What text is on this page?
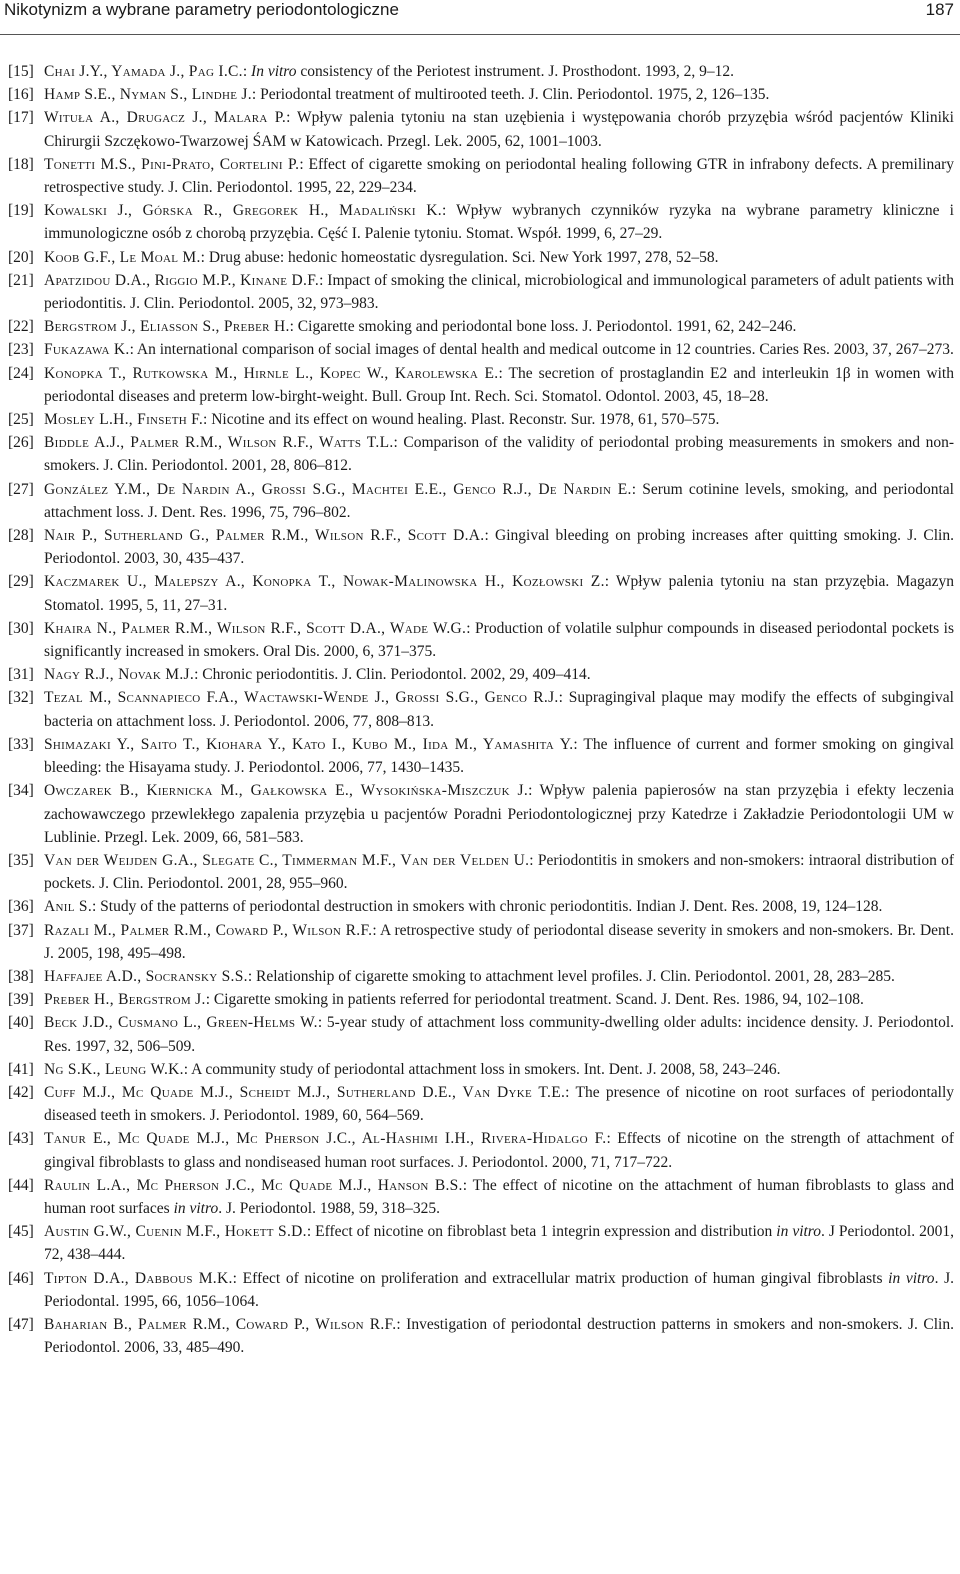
Nikotynizm a wybrane parametry periodontologiczne	187
[15] Chai J.Y., Yamada J., Pag I.C.: In vitro consistency of the Periotest instrument. J. Prosthodont. 1993, 2, 9–12.
[16] Hamp S.E., Nyman S., Lindhe J.: Periodontal treatment of multirooted teeth. J. Clin. Periodontol. 1975, 2, 126–135.
[17] Wituła A., Drugacz J., Malara P.: Wpływ palenia tytoniu na stan uzębienia i występowania chorób przyzębia wśród pacjentów Kliniki Chirurgii Szczękowo-Twarzowej ŚAM w Katowicach. Przegl. Lek. 2005, 62, 1001–1003.
[18] Tonetti M.S., Pini-Prato, Cortelini P.: Effect of cigarette smoking on periodontal healing following GTR in infrabony defects. A premilinary retrospective study. J. Clin. Periodontol. 1995, 22, 229–234.
[19] Kowalski J., Górska R., Gregorek H., Madaliński K.: Wpływ wybranych czynników ryzyka na wybrane parametry kliniczne i immunologiczne osób z chorobą przyzębia. Cęść I. Palenie tytoniu. Stomat. Współ. 1999, 6, 27–29.
[20] Koob G.F., Le Moal M.: Drug abuse: hedonic homeostatic dysregulation. Sci. New York 1997, 278, 52–58.
[21] Apatzidou D.A., Riggio M.P., Kinane D.F.: Impact of smoking the clinical, microbiological and immunological parameters of adult patients with periodontitis. J. Clin. Periodontol. 2005, 32, 973–983.
[22] Bergstrom J., Eliasson S., Preber H.: Cigarette smoking and periodontal bone loss. J. Periodontol. 1991, 62, 242–246.
[23] Fukazawa K.: An international comparison of social images of dental health and medical outcome in 12 countries. Caries Res. 2003, 37, 267–273.
[24] Konopka T., Rutkowska M., Hirnle L., Kopec W., Karolewska E.: The secretion of prostaglandin E2 and interleukin 1β in women with periodontal diseases and preterm low-birght-weight. Bull. Group Int. Rech. Sci. Stomatol. Odontol. 2003, 45, 18–28.
[25] Mosley L.H., Finseth F.: Nicotine and its effect on wound healing. Plast. Reconstr. Sur. 1978, 61, 570–575.
[26] Biddle A.J., Palmer R.M., Wilson R.F., Watts T.L.: Comparison of the validity of periodontal probing measurements in smokers and non-smokers. J. Clin. Periodontol. 2001, 28, 806–812.
[27] González Y.M., De Nardin A., Grossi S.G., Machtei E.E., Genco R.J., De Nardin E.: Serum cotinine levels, smoking, and periodontal attachment loss. J. Dent. Res. 1996, 75, 796–802.
[28] Nair P., Sutherland G., Palmer R.M., Wilson R.F., Scott D.A.: Gingival bleeding on probing increases after quitting smoking. J. Clin. Periodontol. 2003, 30, 435–437.
[29] Kaczmarek U., Malepszy A., Konopka T., Nowak-Malinowska H., Kozłowski Z.: Wpływ palenia tytoniu na stan przyzębia. Magazyn Stomatol. 1995, 5, 11, 27–31.
[30] Khaira N., Palmer R.M., Wilson R.F., Scott D.A., Wade W.G.: Production of volatile sulphur compounds in diseased periodontal pockets is significantly increased in smokers. Oral Dis. 2000, 6, 371–375.
[31] Nagy R.J., Novak M.J.: Chronic periodontitis. J. Clin. Periodontol. 2002, 29, 409–414.
[32] Tezal M., Scannapieco F.A., Wactawski-Wende J., Grossi S.G., Genco R.J.: Supragingival plaque may modify the effects of subgingival bacteria on attachment loss. J. Periodontol. 2006, 77, 808–813.
[33] Shimazaki Y., Saito T., Kiohara Y., Kato I., Kubo M., Iida M., Yamashita Y.: The influence of current and former smoking on gingival bleeding: the Hisayama study. J. Periodontol. 2006, 77, 1430–1435.
[34] Owczarek B., Kiernicka M., Gałkowska E., Wysokińska-Miszczuk J.: Wpływ palenia papierosów na stan przyzębia i efekty leczenia zachowawczego przewlekłego zapalenia przyzębia u pacjentów Poradni Periodontologicznej przy Katedrze i Zakładzie Periodontologii UM w Lublinie. Przegl. Lek. 2009, 66, 581–583.
[35] Van der Weijden G.A., Slegate C., Timmerman M.F., Van der Velden U.: Periodontitis in smokers and non-smokers: intraoral distribution of pockets. J. Clin. Periodontol. 2001, 28, 955–960.
[36] Anil S.: Study of the patterns of periodontal destruction in smokers with chronic periodontitis. Indian J. Dent. Res. 2008, 19, 124–128.
[37] Razali M., Palmer R.M., Coward P., Wilson R.F.: A retrospective study of periodontal disease severity in smokers and non-smokers. Br. Dent. J. 2005, 198, 495–498.
[38] Haffajee A.D., Socransky S.S.: Relationship of cigarette smoking to attachment level profiles. J. Clin. Periodontol. 2001, 28, 283–285.
[39] Preber H., Bergstrom J.: Cigarette smoking in patients referred for periodontal treatment. Scand. J. Dent. Res. 1986, 94, 102–108.
[40] Beck J.D., Cusmano L., Green-Helms W.: 5-year study of attachment loss community-dwelling older adults: incidence density. J. Periodontol. Res. 1997, 32, 506–509.
[41] Ng S.K., Leung W.K.: A community study of periodontal attachment loss in smokers. Int. Dent. J. 2008, 58, 243–246.
[42] Cuff M.J., Mc Quade M.J., Scheidt M.J., Sutherland D.E., Van Dyke T.E.: The presence of nicotine on root surfaces of periodontally diseased teeth in smokers. J. Periodontol. 1989, 60, 564–569.
[43] Tanur E., Mc Quade M.J., Mc Pherson J.C., Al-Hashimi I.H., Rivera-Hidalgo F.: Effects of nicotine on the strength of attachment of gingival fibroblasts to glass and nondiseased human root surfaces. J. Periodontol. 2000, 71, 717–722.
[44] Raulin L.A., Mc Pherson J.C., Mc Quade M.J., Hanson B.S.: The effect of nicotine on the attachment of human fibroblasts to glass and human root surfaces in vitro. J. Periodontol. 1988, 59, 318–325.
[45] Austin G.W., Cuenin M.F., Hokett S.D.: Effect of nicotine on fibroblast beta 1 integrin expression and distribution in vitro. J Periodontol. 2001, 72, 438–444.
[46] Tipton D.A., Dabbous M.K.: Effect of nicotine on proliferation and extracellular matrix production of human gingival fibroblasts in vitro. J. Periodontal. 1995, 66, 1056–1064.
[47] Baharian B., Palmer R.M., Coward P., Wilson R.F.: Investigation of periodontal destruction patterns in smokers and non-smokers. J. Clin. Periodontol. 2006, 33, 485–490.
